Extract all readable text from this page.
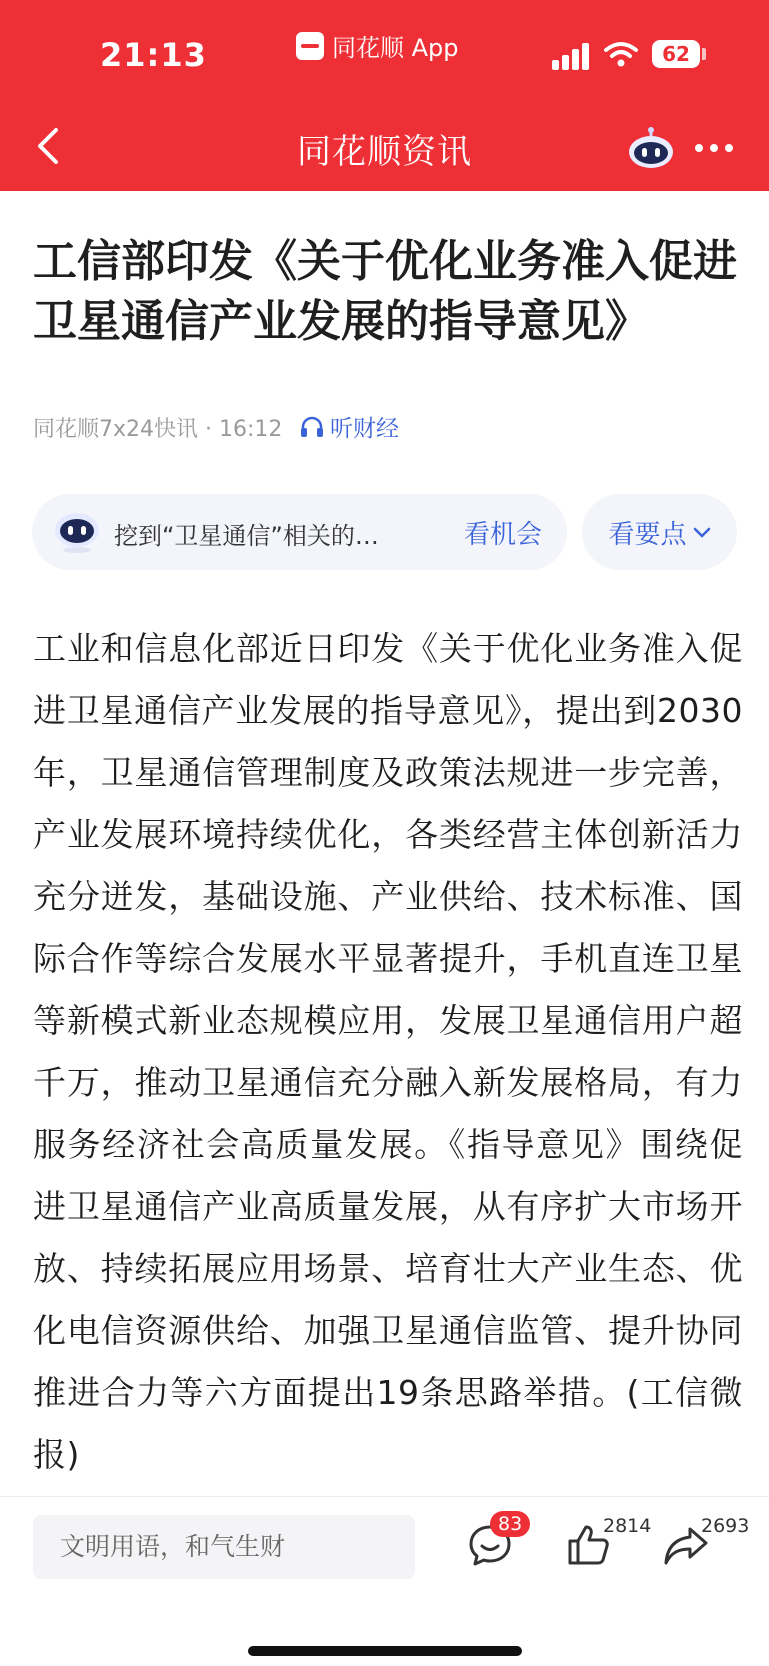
21:13	同花顺 App	62
同花顺资讯
工信部印发《关于优化业务准入促进卫星通信产业发展的指导意见》
同花顺7x24快讯 · 16:12 听财经
挖到“卫星通信”相关的…	看机会	看要点
工业和信息化部近日印发《关于优化业务准入促进卫星通信产业发展的指导意见》，提出到2030年，卫星通信管理制度及政策法规进一步完善，产业发展环境持续优化，各类经营主体创新活力充分迸发，基础设施、产业供给、技术标准、国际合作等综合发展水平显著提升，手机直连卫星等新模式新业态规模应用，发展卫星通信用户超千万，推动卫星通信充分融入新发展格局，有力服务经济社会高质量发展。《指导意见》围绕促进卫星通信产业高质量发展，从有序扩大市场开放、持续拓展应用场景、培育壮大产业生态、优化电信资源供给、加强卫星通信监管、提升协同推进合力等六方面提出19条思路举措。(工信微报)
文明用语，和气生财
83	2814	2693
